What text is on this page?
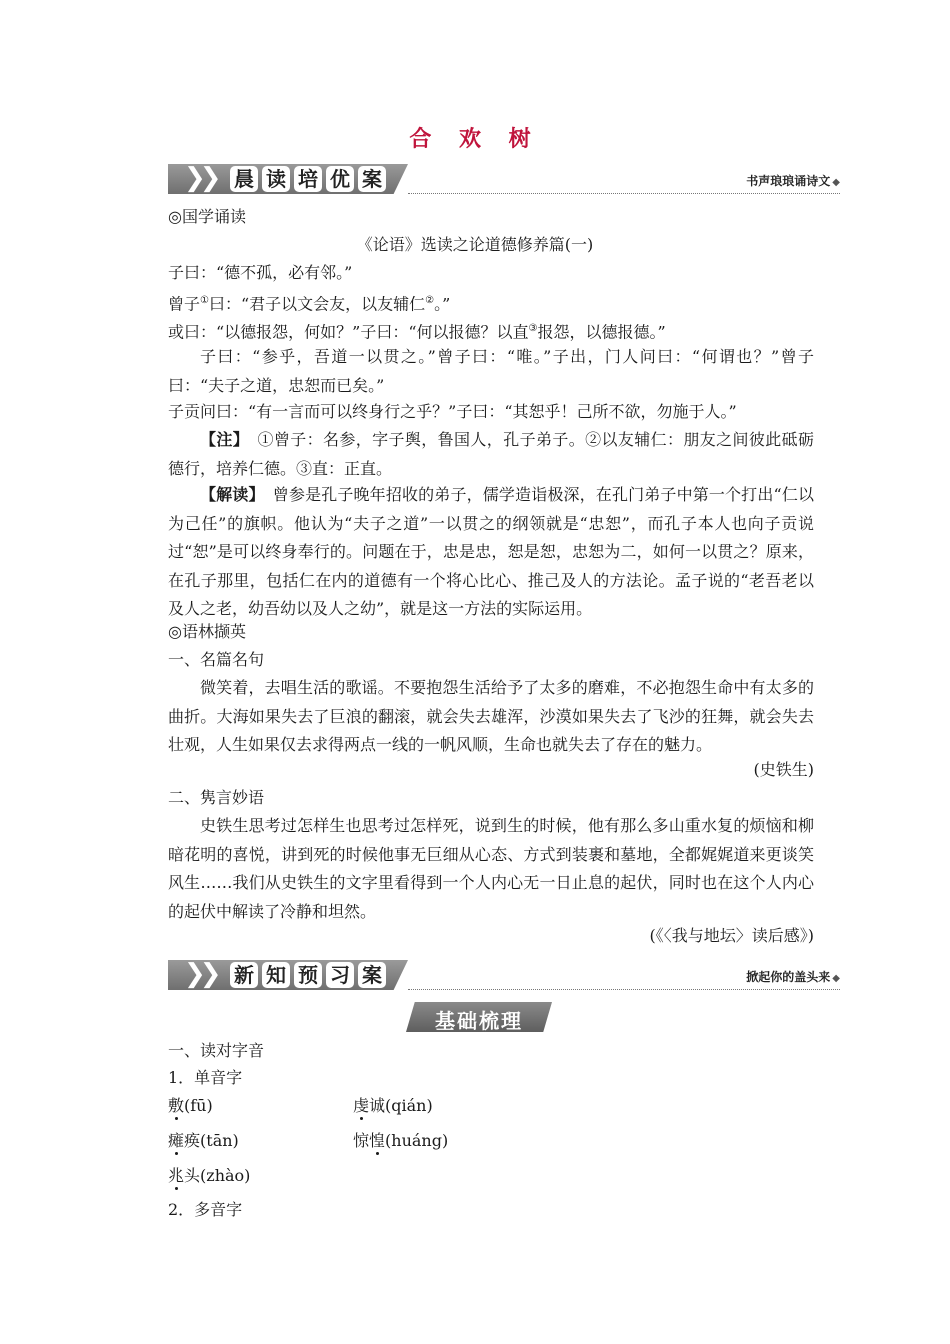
合 欢 树
❯❯ 晨 读 培 优 案	书声琅琅诵诗文 ◆
◎国学诵读
《论语》选读之论道德修养篇(一)
子曰：“德不孤，必有邻。”
曾子①曰：“君子以文会友，以友辅仁②。”
或曰：“以德报怨，何如？”子曰：“何以报德？以直③报怨，以德报德。”
子曰：“参乎，吾道一以贯之。”曾子曰：“唯。”子出，门人问曰：“何谓也？”曾子曰：“夫子之道，忠恕而已矣。”
子贡问曰：“有一言而可以终身行之乎？”子曰：“其恕乎！己所不欲，勿施于人。”
【注】　 ①曾子：名参，字子舆，鲁国人，孔子弟子。②以友辅仁：朋友之间彼此砥砺德行，培养仁德。③直：正直。
【解读】　 曾参是孔子晚年招收的弟子，儒学造诣极深，在孔门弟子中第一个打出“仁以为己任”的旗帜。他认为“夫子之道”一以贯之的纲领就是“忠恕”，而孔子本人也向子贡说过“恕”是可以终身奉行的。问题在于，忠是忠，恕是恕，忠恕为二，如何一以贯之？原来，在孔子那里，包括仁在内的道德有一个将心比心、推己及人的方法论。孟子说的“老吾老以及人之老，幼吾幼以及人之幼”，就是这一方法的实际运用。
◎语林撷英
一、名篇名句
微笑着，去唱生活的歌谣。不要抱怨生活给予了太多的磨难，不必抱怨生命中有太多的曲折。大海如果失去了巨浪的翻滚，就会失去雄浑，沙漠如果失去了飞沙的狂舞，就会失去壮观，人生如果仅去求得两点一线的一帆风顺，生命也就失去了存在的魅力。
(史铁生)
二、隽言妙语
史铁生思考过怎样生也思考过怎样死，说到生的时候，他有那么多山重水复的烦恼和柳暗花明的喜悦，讲到死的时候他事无巨细从心态、方式到装裹和墓地，全都娓娓道来更谈笑风生……我们从史铁生的文字里看得到一个人内心无一日止息的起伏，同时也在这个人内心的起伏中解读了冷静和坦然。
(《〈我与地坛〉读后感》)
❯❯ 新 知 预 习 案	掀起你的盖头来 ◆
基础梳理
一、读对字音
1．单音字
敷(fū)	虔诚(qián)
瘫痪(tān)	惊惶(huáng)
兆头(zhào)
2．多音字
